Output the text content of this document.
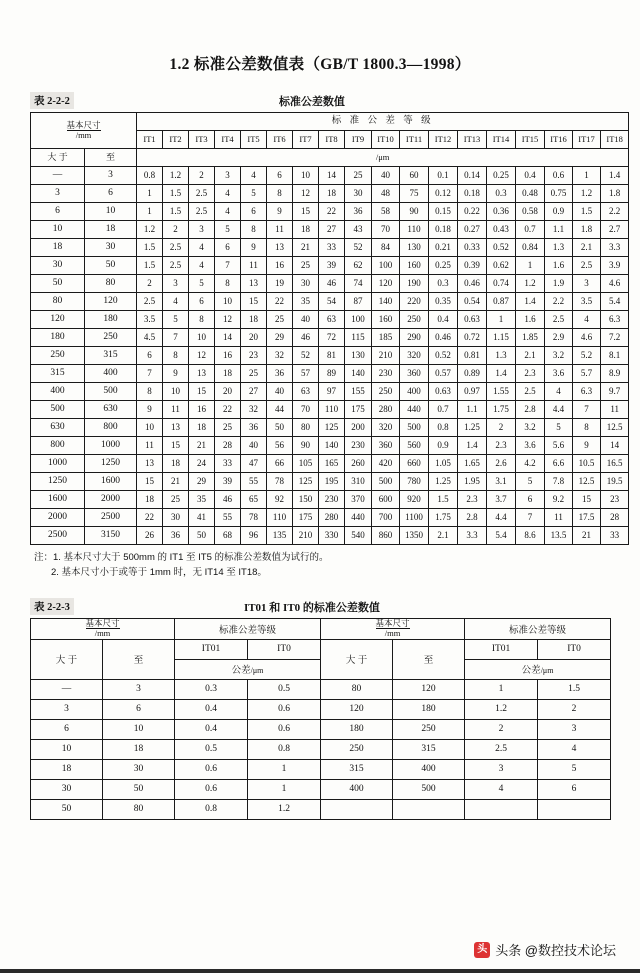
1.2 标准公差数值表（GB/T 1800.3—1998）
表 2-2-2	标准公差数值
$\frac{\text{基本尺寸}}{/mm}$		标 准 公 差 等 级																	
		IT1	IT2	IT3	IT4	IT5	IT6	IT7	IT8	IT9	IT10	IT11	IT12	IT13	IT14	IT15	IT16	IT17	IT18
大 于	至	/μm																	
—	3	0.8	1.2	2	3	4	6	10	14	25	40	60	0.1	0.14	0.25	0.4	0.6	1	1.4
3	6	1	1.5	2.5	4	5	8	12	18	30	48	75	0.12	0.18	0.3	0.48	0.75	1.2	1.8
6	10	1	1.5	2.5	4	6	9	15	22	36	58	90	0.15	0.22	0.36	0.58	0.9	1.5	2.2
10	18	1.2	2	3	5	8	11	18	27	43	70	110	0.18	0.27	0.43	0.7	1.1	1.8	2.7
18	30	1.5	2.5	4	6	9	13	21	33	52	84	130	0.21	0.33	0.52	0.84	1.3	2.1	3.3
30	50	1.5	2.5	4	7	11	16	25	39	62	100	160	0.25	0.39	0.62	1	1.6	2.5	3.9
50	80	2	3	5	8	13	19	30	46	74	120	190	0.3	0.46	0.74	1.2	1.9	3	4.6
80	120	2.5	4	6	10	15	22	35	54	87	140	220	0.35	0.54	0.87	1.4	2.2	3.5	5.4
120	180	3.5	5	8	12	18	25	40	63	100	160	250	0.4	0.63	1	1.6	2.5	4	6.3
180	250	4.5	7	10	14	20	29	46	72	115	185	290	0.46	0.72	1.15	1.85	2.9	4.6	7.2
250	315	6	8	12	16	23	32	52	81	130	210	320	0.52	0.81	1.3	2.1	3.2	5.2	8.1
315	400	7	9	13	18	25	36	57	89	140	230	360	0.57	0.89	1.4	2.3	3.6	5.7	8.9
400	500	8	10	15	20	27	40	63	97	155	250	400	0.63	0.97	1.55	2.5	4	6.3	9.7
500	630	9	11	16	22	32	44	70	110	175	280	440	0.7	1.1	1.75	2.8	4.4	7	11
630	800	10	13	18	25	36	50	80	125	200	320	500	0.8	1.25	2	3.2	5	8	12.5
800	1000	11	15	21	28	40	56	90	140	230	360	560	0.9	1.4	2.3	3.6	5.6	9	14
1000	1250	13	18	24	33	47	66	105	165	260	420	660	1.05	1.65	2.6	4.2	6.6	10.5	16.5
1250	1600	15	21	29	39	55	78	125	195	310	500	780	1.25	1.95	3.1	5	7.8	12.5	19.5
1600	2000	18	25	35	46	65	92	150	230	370	600	920	1.5	2.3	3.7	6	9.2	15	23
2000	2500	22	30	41	55	78	110	175	280	440	700	1100	1.75	2.8	4.4	7	11	17.5	28
2500	3150	26	36	50	68	96	135	210	330	540	860	1350	2.1	3.3	5.4	8.6	13.5	21	33
注：1. 基本尺寸大于 500mm 的 IT1 至 IT5 的标准公差数值为试行的。
2. 基本尺寸小于或等于 1mm 时，无 IT14 至 IT18。
表 2-2-3	IT01 和 IT0 的标准公差数值
$\frac{\text{基本尺寸}}{/mm}$		标准公差等级		$\frac{\text{基本尺寸}}{/mm}$		标准公差等级	
大 于	至	IT01	IT0	大 于	至	IT01	IT0
		公差/μm				公差/μm	
—	3	0.3	0.5	80	120	1	1.5
3	6	0.4	0.6	120	180	1.2	2
6	10	0.4	0.6	180	250	2	3
10	18	0.5	0.8	250	315	2.5	4
18	30	0.6	1	315	400	3	5
30	50	0.6	1	400	500	4	6
50	80	0.8	1.2				
头 头条 @数控技术论坛
